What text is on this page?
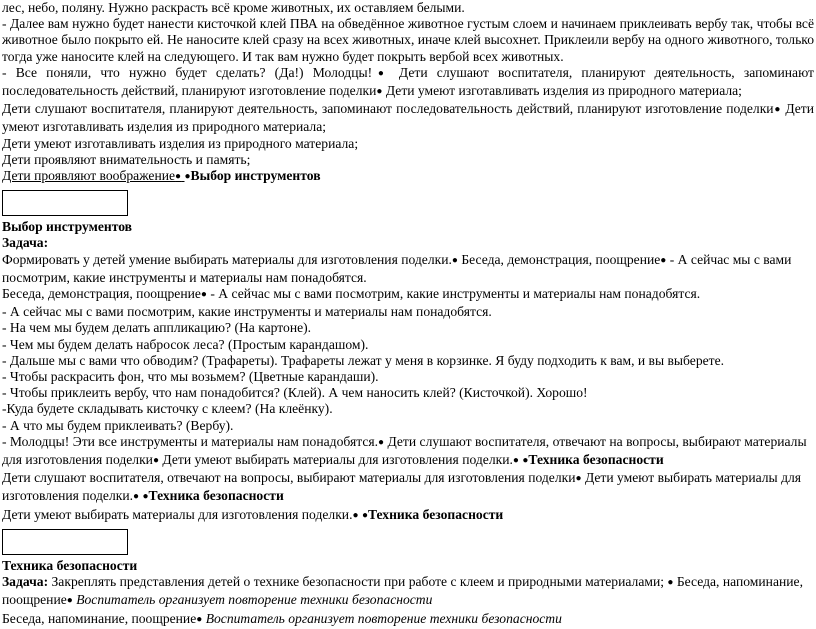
лес, небо, поляну. Нужно раскрасть всё кроме животных, их оставляем белыми.

- Далее вам нужно будет нанести кисточкой клей ПВА на обведённое животное густым слоем и начинаем приклеивать вербу так, чтобы всё животное было покрыто ей. Не наносите клей сразу на всех животных, иначе клей высохнет. Приклеили вербу на одного животного, только тогда уже наносите клей на следующего. И так вам нужно будет покрыть вербой всех животных.

- Все поняли, что нужно будет сделать? (Да!) Молодцы!● Дети слушают воспитателя, планируют деятельность, запоминают последовательность действий, планируют изготовление поделки● Дети умеют изготавливать изделия из природного материала;

Дети слушают воспитателя, планируют деятельность, запоминают последовательность действий, планируют изготовление поделки● Дети умеют изготавливать изделия из природного материала;

Дети умеют изготавливать изделия из природного материала;

Дети проявляют внимательность и память;

Дети проявляют воображение● ●Выбор инструментов

Выбор инструментов

Задача:

Формировать у детей умение выбирать материалы для изготовления поделки.● Беседа, демонстрация, поощрение● - А сейчас мы с вами посмотрим, какие инструменты и материалы нам понадобятся.

Беседа, демонстрация, поощрение● - А сейчас мы с вами посмотрим, какие инструменты и материалы нам понадобятся.

- А сейчас мы с вами посмотрим, какие инструменты и материалы нам понадобятся.

- На чем мы будем делать аппликацию? (На картоне).

- Чем мы будем делать набросок леса? (Простым карандашом).

- Дальше мы с вами что обводим? (Трафареты). Трафареты лежат у меня в корзинке. Я буду подходить к вам, и вы выберете.

- Чтобы раскрасить фон, что мы возьмем? (Цветные карандаши).

- Чтобы приклеить вербу, что нам понадобится? (Клей). А чем наносить клей? (Кисточкой). Хорошо!

-Куда будете складывать кисточку с клеем? (На клеёнку).

- А что мы будем приклеивать? (Вербу).

- Молодцы! Эти все инструменты и материалы нам понадобятся.● Дети слушают воспитателя, отвечают на вопросы, выбирают материалы для изготовления поделки● Дети умеют выбирать материалы для изготовления поделки.● ●Техника безопасности

Дети слушают воспитателя, отвечают на вопросы, выбирают материалы для изготовления поделки● Дети умеют выбирать материалы для изготовления поделки.● ●Техника безопасности

Дети умеют выбирать материалы для изготовления поделки.● ●Техника безопасности

Техника безопасности

Задача: Закреплять представления детей о технике безопасности при работе с клеем и природными материалами; ● Беседа, напоминание, поощрение● Воспитатель организует повторение техники безопасности

Беседа, напоминание, поощрение● Воспитатель организует повторение техники безопасности
